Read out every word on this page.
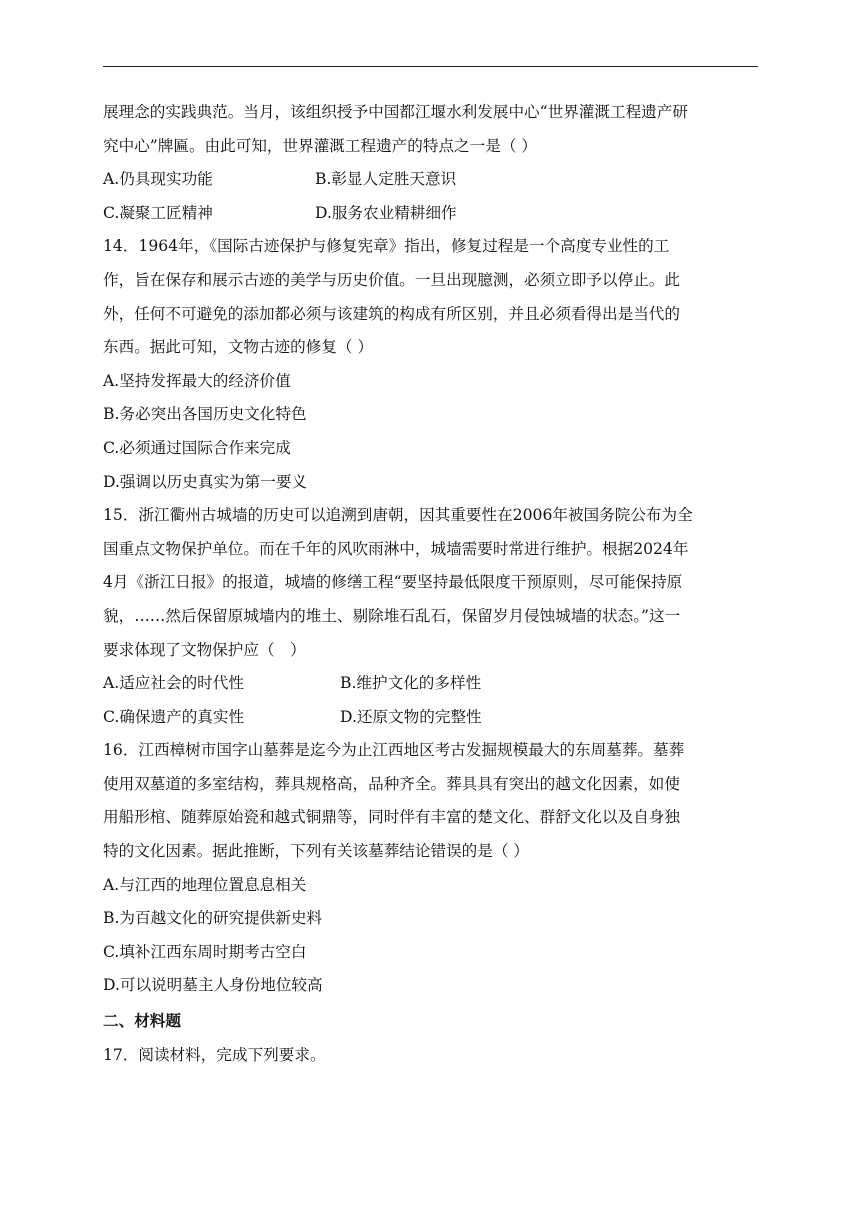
展理念的实践典范。当月，该组织授予中国都江堰水利发展中心“世界灌溉工程遗产研
究中心”牌匾。由此可知，世界灌溉工程遗产的特点之一是（ ）
A.仍具现实功能	B.彰显人定胜天意识
C.凝聚工匠精神	D.服务农业精耕细作
14．1964年，《国际古迹保护与修复宪章》指出，修复过程是一个高度专业性的工
作，旨在保存和展示古迹的美学与历史价值。一旦出现臆测，必须立即予以停止。此
外，任何不可避免的添加都必须与该建筑的构成有所区别，并且必须看得出是当代的
东西。据此可知，文物古迹的修复（ ）
A.坚持发挥最大的经济价值
B.务必突出各国历史文化特色
C.必须通过国际合作来完成
D.强调以历史真实为第一要义
15．浙江衢州古城墙的历史可以追溯到唐朝，因其重要性在2006年被国务院公布为全
国重点文物保护单位。而在千年的风吹雨淋中，城墙需要时常进行维护。根据2024年
4月《浙江日报》的报道，城墙的修缮工程“要坚持最低限度干预原则，尽可能保持原
貌，……然后保留原城墙内的堆土、剔除堆石乱石，保留岁月侵蚀城墙的状态。”这一
要求体现了文物保护应（　）
A.适应社会的时代性	B.维护文化的多样性
C.确保遗产的真实性	D.还原文物的完整性
16．江西樟树市国字山墓葬是迄今为止江西地区考古发掘规模最大的东周墓葬。墓葬
使用双墓道的多室结构，葬具规格高，品种齐全。葬具具有突出的越文化因素，如使
用船形棺、随葬原始瓷和越式铜鼎等，同时伴有丰富的楚文化、群舒文化以及自身独
特的文化因素。据此推断，下列有关该墓葬结论错误的是（ ）
A.与江西的地理位置息息相关
B.为百越文化的研究提供新史料
C.填补江西东周时期考古空白
D.可以说明墓主人身份地位较高
二、材料题
17．阅读材料，完成下列要求。
